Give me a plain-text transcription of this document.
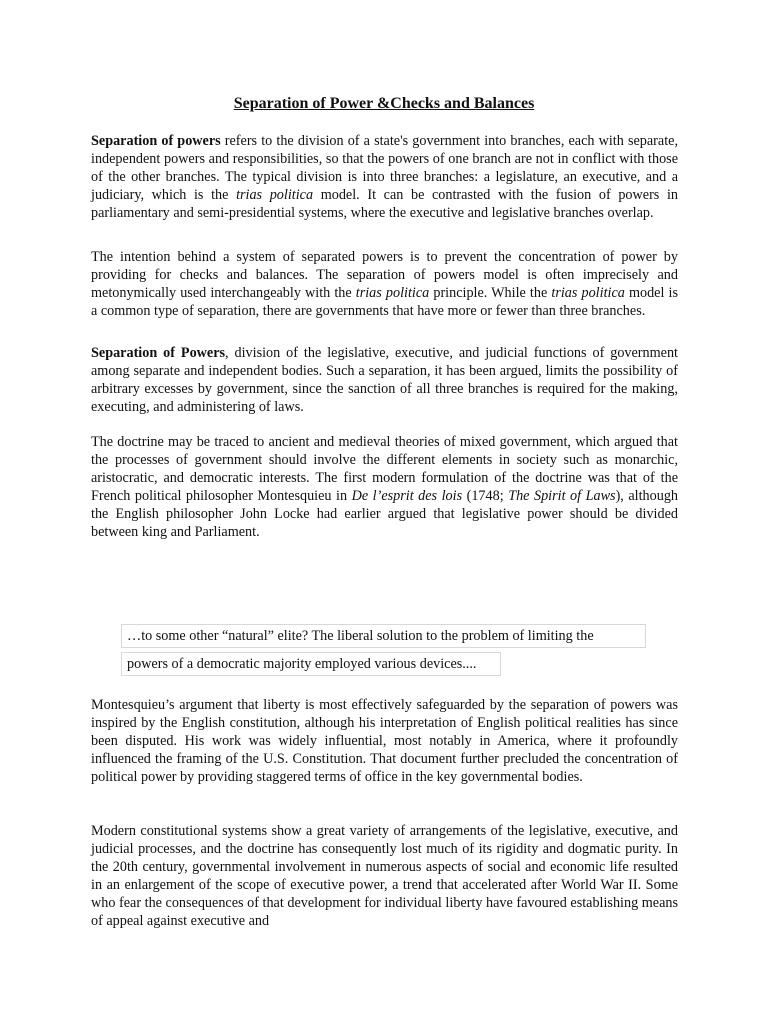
Separation of Power &Checks and Balances

Separation of powers refers to the division of a state's government into branches, each with separate, independent powers and responsibilities, so that the powers of one branch are not in conflict with those of the other branches. The typical division is into three branches: a legislature, an executive, and a judiciary, which is the trias politica model. It can be contrasted with the fusion of powers in parliamentary and semi-presidential systems, where the executive and legislative branches overlap.

The intention behind a system of separated powers is to prevent the concentration of power by providing for checks and balances. The separation of powers model is often imprecisely and metonymically used interchangeably with the trias politica principle. While the trias politica model is a common type of separation, there are governments that have more or fewer than three branches.

Separation of Powers, division of the legislative, executive, and judicial functions of government among separate and independent bodies. Such a separation, it has been argued, limits the possibility of arbitrary excesses by government, since the sanction of all three branches is required for the making, executing, and administering of laws.

The doctrine may be traced to ancient and medieval theories of mixed government, which argued that the processes of government should involve the different elements in society such as monarchic, aristocratic, and democratic interests. The first modern formulation of the doctrine was that of the French political philosopher Montesquieu in De l’esprit des lois (1748; The Spirit of Laws), although the English philosopher John Locke had earlier argued that legislative power should be divided between king and Parliament.

…to some other “natural” elite? The liberal solution to the problem of limiting the
powers of a democratic majority employed various devices....

Montesquieu’s argument that liberty is most effectively safeguarded by the separation of powers was inspired by the English constitution, although his interpretation of English political realities has since been disputed. His work was widely influential, most notably in America, where it profoundly influenced the framing of the U.S. Constitution. That document further precluded the concentration of political power by providing staggered terms of office in the key governmental bodies.

Modern constitutional systems show a great variety of arrangements of the legislative, executive, and judicial processes, and the doctrine has consequently lost much of its rigidity and dogmatic purity. In the 20th century, governmental involvement in numerous aspects of social and economic life resulted in an enlargement of the scope of executive power, a trend that accelerated after World War II. Some who fear the consequences of that development for individual liberty have favoured establishing means of appeal against executive and
